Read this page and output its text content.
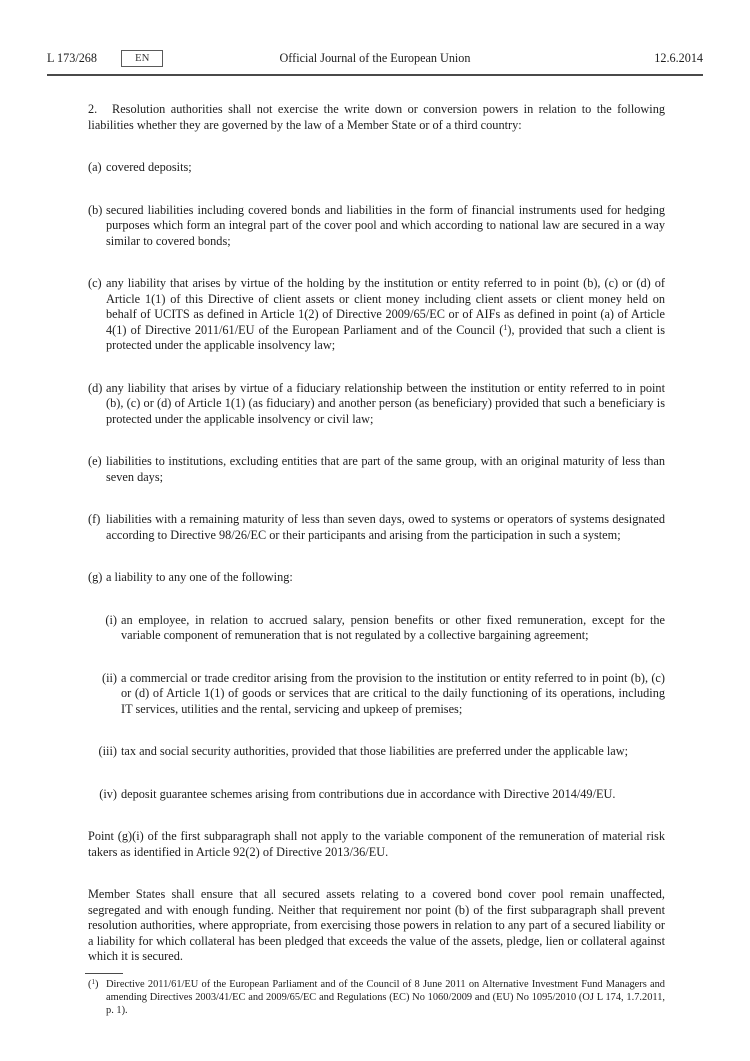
L 173/268	EN	Official Journal of the European Union	12.6.2014

2. Resolution authorities shall not exercise the write down or conversion powers in relation to the following liabilities whether they are governed by the law of a Member State or of a third country:

(a) covered deposits;

(b) secured liabilities including covered bonds and liabilities in the form of financial instruments used for hedging purposes which form an integral part of the cover pool and which according to national law are secured in a way similar to covered bonds;

(c) any liability that arises by virtue of the holding by the institution or entity referred to in point (b), (c) or (d) of Article 1(1) of this Directive of client assets or client money including client assets or client money held on behalf of UCITS as defined in Article 1(2) of Directive 2009/65/EC or of AIFs as defined in point (a) of Article 4(1) of Directive 2011/61/EU of the European Parliament and of the Council ($^1$), provided that such a client is protected under the applicable insolvency law;

(d) any liability that arises by virtue of a fiduciary relationship between the institution or entity referred to in point (b), (c) or (d) of Article 1(1) (as fiduciary) and another person (as beneficiary) provided that such a beneficiary is protected under the applicable insolvency or civil law;

(e) liabilities to institutions, excluding entities that are part of the same group, with an original maturity of less than seven days;

(f) liabilities with a remaining maturity of less than seven days, owed to systems or operators of systems designated according to Directive 98/26/EC or their participants and arising from the participation in such a system;

(g) a liability to any one of the following:

(i) an employee, in relation to accrued salary, pension benefits or other fixed remuneration, except for the variable component of remuneration that is not regulated by a collective bargaining agreement;

(ii) a commercial or trade creditor arising from the provision to the institution or entity referred to in point (b), (c) or (d) of Article 1(1) of goods or services that are critical to the daily functioning of its operations, including IT services, utilities and the rental, servicing and upkeep of premises;

(iii) tax and social security authorities, provided that those liabilities are preferred under the applicable law;

(iv) deposit guarantee schemes arising from contributions due in accordance with Directive 2014/49/EU.

Point (g)(i) of the first subparagraph shall not apply to the variable component of the remuneration of material risk takers as identified in Article 92(2) of Directive 2013/36/EU.

Member States shall ensure that all secured assets relating to a covered bond cover pool remain unaffected, segregated and with enough funding. Neither that requirement nor point (b) of the first subparagraph shall prevent resolution authorities, where appropriate, from exercising those powers in relation to any part of a secured liability or a liability for which collateral has been pledged that exceeds the value of the assets, pledge, lien or collateral against which it is secured.

($^1$) Directive 2011/61/EU of the European Parliament and of the Council of 8 June 2011 on Alternative Investment Fund Managers and amending Directives 2003/41/EC and 2009/65/EC and Regulations (EC) No 1060/2009 and (EU) No 1095/2010 (OJ L 174, 1.7.2011, p. 1).
